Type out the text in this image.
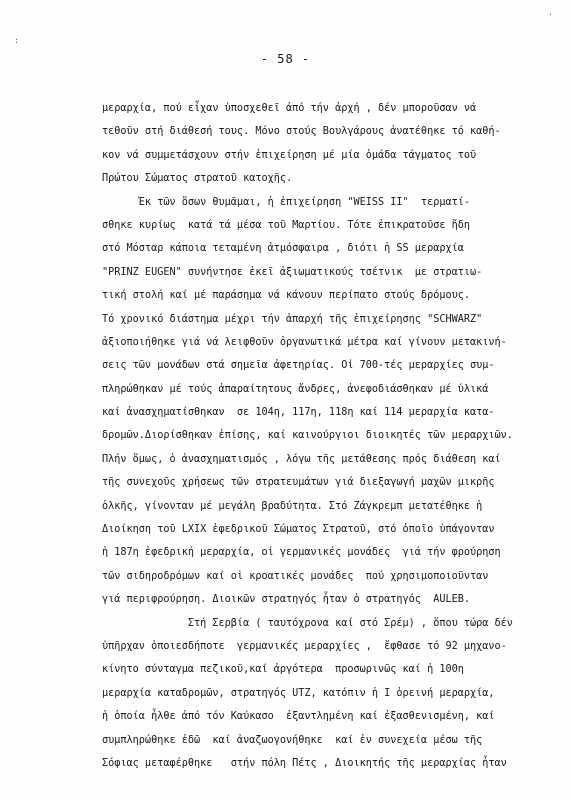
:
.
- 58 -
μεραρχία, πού εἶχαν ὑποσχεθεῖ ἀπό τήν ἀρχή , δέν μποροῦσαν νά
τεθοῦν στή διάθεσή τους. Μόνο στούς Βουλγάρους ἀνατέθηκε τό καθή-
κον νά συμμετάσχουν στήν ἐπιχείρηση μέ μία ὁμάδα τάγματος τοῦ
Πρώτου Σώματος στρατοῦ κατοχῆς.
Ἐκ τῶν ὅσων θυμᾶμαι, ἡ ἐπιχείρηση "WEISS II"  τερματί-
σθηκε κυρίως  κατά τά μέσα τοῦ Μαρτίου. Τότε ἐπικρατοῦσε ἤδη
στό Μόσταρ κάποια τεταμένη ἀτμόσφαιρα , διότι ἡ SS μεραρχία
"PRINZ EUGEN" συνήντησε ἐκεῖ ἀξιωματικούς τσέτνικ  με στρατιω-
τική στολή καί μέ παράσημα νά κάνουν περίπατο στούς δρόμους.
Τό χρονικό διάστημα μέχρι τήν ἀπαρχή τῆς ἐπιχείρησης "SCHWARZ"
ἀξιοποιήθηκε γιά νά λειφθοῦν ὀργανωτικά μέτρα καί γίνουν μετακινή-
σεις τῶν μονάδων στά σημεῖα ἀφετηρίας. Οἱ 700-τές μεραρχίες συμ-
πληρώθηκαν μέ τούς ἀπαραίτητους ἄνδρες, ἀνεφοδιάσθηκαν μέ ὑλικά
καί ἀνασχηματίσθηκαν  σε 104η, 117η, 118η καί 114 μεραρχία κατα-
δρομῶν.Διορίσθηκαν ἐπίσης, καί καινούργιοι διοικητές τῶν μεραρχιῶν.
Πλήν ὅμως, ὁ ἀνασχηματισμός , λόγω τῆς μετάθεσης πρός διάθεση καί
τῆς συνεχοῦς χρήσεως τῶν στρατευμάτων γιά διεξαγωγή μαχῶν μικρῆς
ὁλκῆς, γίνονταν μέ μεγάλη βραδύτητα. Στό Ζάγκρεμπ μετατέθηκε ἡ
Διοίκηση τοῦ LXIX ἐφεδρικοῦ Σώματος Στρατοῦ, στό ὁποῖο ὑπάγονταν
ἡ 187η ἐφεδρική μεραρχία, οἱ γερμανικές μονάδες  γιά τήν φρούρηση
τῶν σιδηροδρόμων καί οἱ κροατικές μονάδες  πού χρησιμοποιοῦνταν
γιά περιφρούρηση. Διοικῶν στρατηγός ἦταν ὁ στρατηγός  AULEB.
Στή Σερβία ( ταυτόχρονα καί στό Σρέμ) , ὅπου τώρα δέν
ὑπῆρχαν ὁποιεσδήποτε  γερμανικές μεραρχίες ,  ἔφθασε τό 92 μηχανο-
κίνητο σύνταγμα πεζικοῦ,καί ἀργότερα  προσωρινῶς καί ἡ 100η
μεραρχία καταδρομῶν, στρατηγός UTZ, κατόπιν ἡ I ὀρεινή μεραρχία,
ἡ ὁποία ἦλθε ἀπό τόν Καύκασο  ἐξαντλημένη καί ἐξασθενισμένη, καί
συμπληρώθηκε ἐδῶ  καί ἀναζωογονήθηκε  καί ἐν συνεχεία μέσω τῆς
Σόφιας μεταφέρθηκε   στήν πόλη Πέτς , Διοικητής τῆς μεραρχίας ἦταν
